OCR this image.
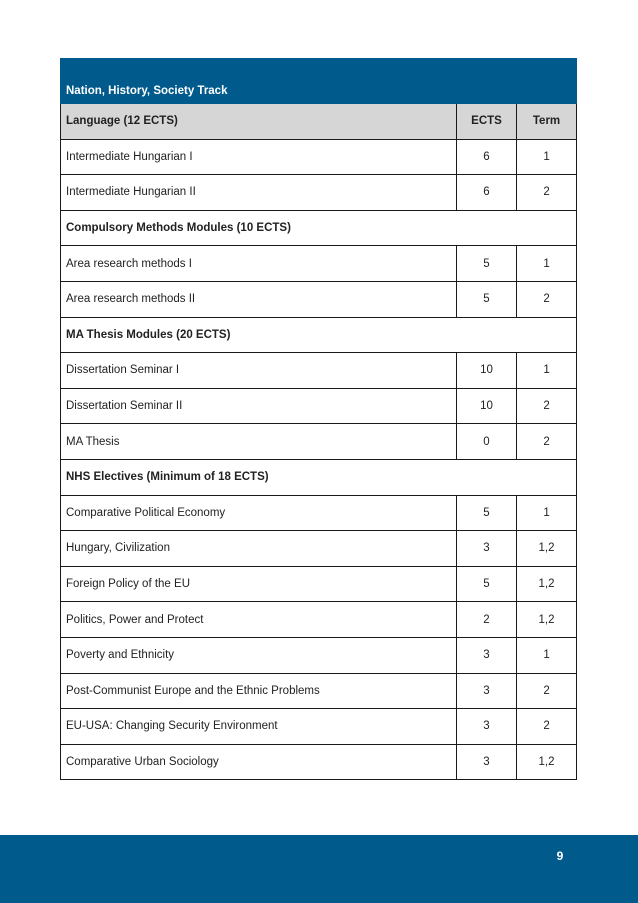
Nation, History, Society Track		
Language (12 ECTS)	ECTS	Term
Intermediate Hungarian I	6	1
Intermediate Hungarian II	6	2
Compulsory Methods Modules (10 ECTS)		
Area research methods I	5	1
Area research methods II	5	2
MA Thesis Modules (20 ECTS)		
Dissertation Seminar I	10	1
Dissertation Seminar II	10	2
MA Thesis	0	2
NHS Electives (Minimum of 18 ECTS)		
Comparative Political Economy	5	1
Hungary, Civilization	3	1,2
Foreign Policy of the EU	5	1,2
Politics, Power and Protect	2	1,2
Poverty and Ethnicity	3	1
Post-Communist Europe and the Ethnic Problems	3	2
EU-USA: Changing Security Environment	3	2
Comparative Urban Sociology	3	1,2
9
